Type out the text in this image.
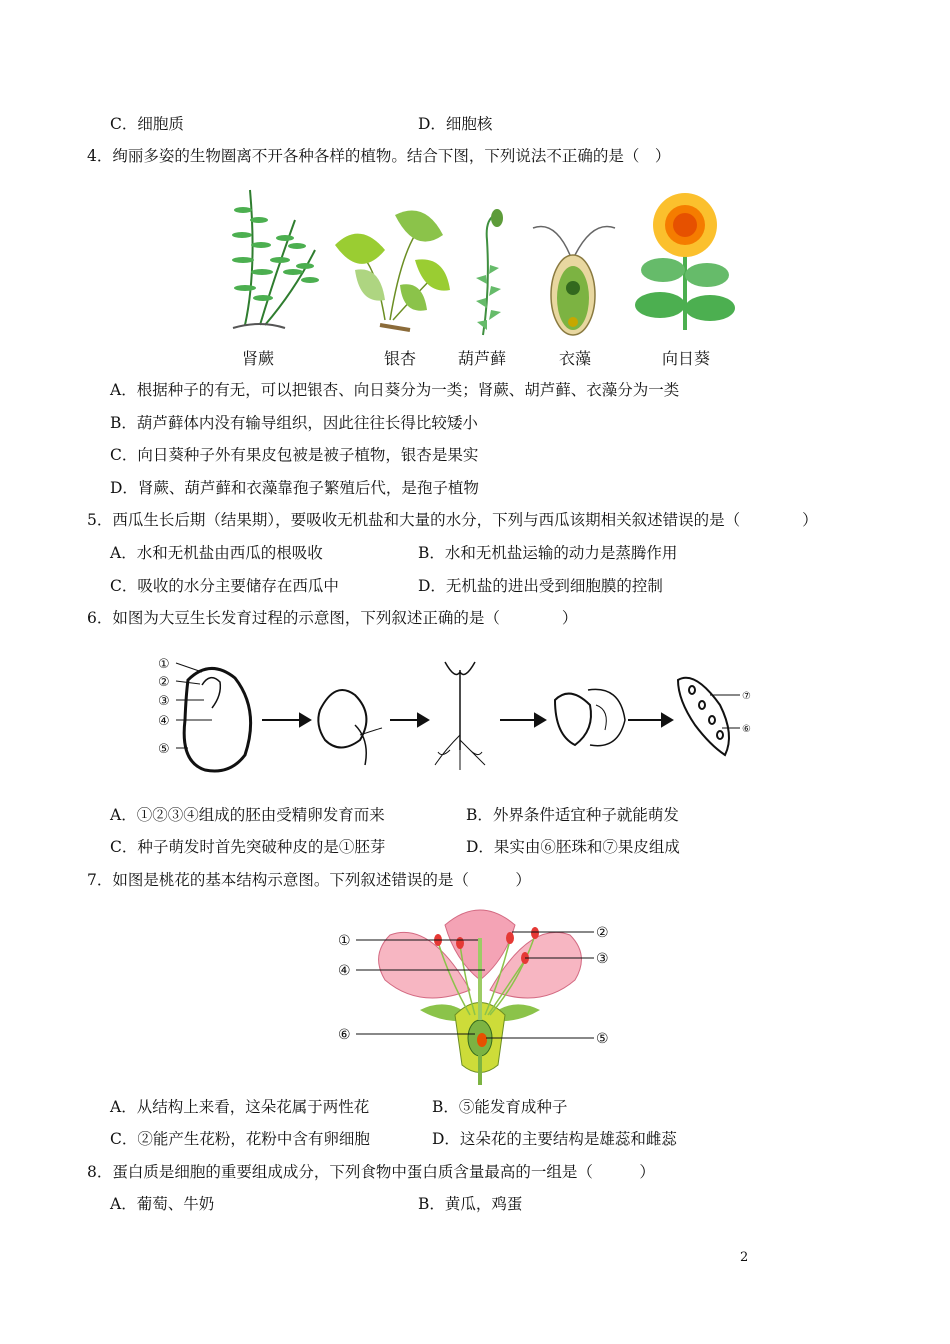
C．细胞质	D．细胞核
4．绚丽多姿的生物圈离不开各种各样的植物。结合下图，下列说法不正确的是（　）
肾蕨	银杏	葫芦藓	衣藻	向日葵
A．根据种子的有无，可以把银杏、向日葵分为一类；肾蕨、胡芦藓、衣藻分为一类
B．葫芦藓体内没有输导组织，因此往往长得比较矮小
C．向日葵种子外有果皮包被是被子植物，银杏是果实
D．肾蕨、葫芦藓和衣藻靠孢子繁殖后代，是孢子植物
5．西瓜生长后期（结果期），要吸收无机盐和大量的水分，下列与西瓜该期相关叙述错误的是（　　　　）
A．水和无机盐由西瓜的根吸收	B．水和无机盐运输的动力是蒸腾作用
C．吸收的水分主要储存在西瓜中	D．无机盐的进出受到细胞膜的控制
6．如图为大豆生长发育过程的示意图，下列叙述正确的是（　　　　）
①
②
③
④
⑤
⑦
⑥
A．①②③④组成的胚由受精卵发育而来	B．外界条件适宜种子就能萌发
C．种子萌发时首先突破种皮的是①胚芽	D．果实由⑥胚珠和⑦果皮组成
7．如图是桃花的基本结构示意图。下列叙述错误的是（　　　）
①
④
⑥
②
③
⑤
A．从结构上来看，这朵花属于两性花	B．⑤能发育成种子
C．②能产生花粉，花粉中含有卵细胞	D．这朵花的主要结构是雄蕊和雌蕊
8．蛋白质是细胞的重要组成成分，下列食物中蛋白质含量最高的一组是（　　　）
A．葡萄、牛奶	B．黄瓜，鸡蛋
2
